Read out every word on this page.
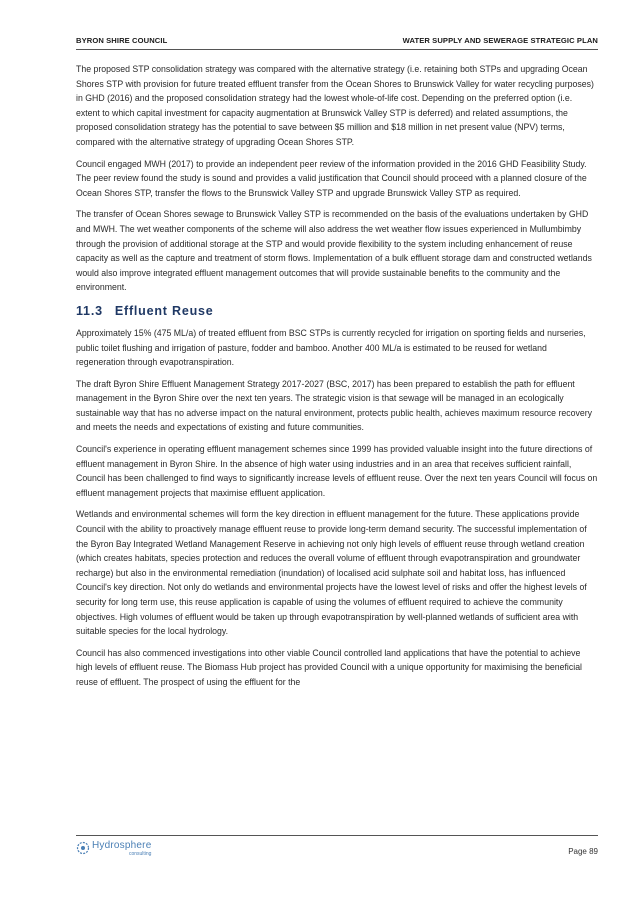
BYRON SHIRE COUNCIL	WATER SUPPLY AND SEWERAGE STRATEGIC PLAN

The proposed STP consolidation strategy was compared with the alternative strategy (i.e. retaining both STPs and upgrading Ocean Shores STP with provision for future treated effluent transfer from the Ocean Shores to Brunswick Valley for water recycling purposes) in GHD (2016) and the proposed consolidation strategy had the lowest whole-of-life cost. Depending on the preferred option (i.e. extent to which capital investment for capacity augmentation at Brunswick Valley STP is deferred) and related assumptions, the proposed consolidation strategy has the potential to save between $5 million and $18 million in net present value (NPV) terms, compared with the alternative strategy of upgrading Ocean Shores STP.

Council engaged MWH (2017) to provide an independent peer review of the information provided in the 2016 GHD Feasibility Study. The peer review found the study is sound and provides a valid justification that Council should proceed with a planned closure of the Ocean Shores STP, transfer the flows to the Brunswick Valley STP and upgrade Brunswick Valley STP as required.

The transfer of Ocean Shores sewage to Brunswick Valley STP is recommended on the basis of the evaluations undertaken by GHD and MWH. The wet weather components of the scheme will also address the wet weather flow issues experienced in Mullumbimby through the provision of additional storage at the STP and would provide flexibility to the system including enhancement of reuse capacity as well as the capture and treatment of storm flows. Implementation of a bulk effluent storage dam and constructed wetlands would also improve integrated effluent management outcomes that will provide sustainable benefits to the community and the environment.

11.3 Effluent Reuse

Approximately 15% (475 ML/a) of treated effluent from BSC STPs is currently recycled for irrigation on sporting fields and nurseries, public toilet flushing and irrigation of pasture, fodder and bamboo. Another 400 ML/a is estimated to be reused for wetland regeneration through evapotranspiration.

The draft Byron Shire Effluent Management Strategy 2017-2027 (BSC, 2017) has been prepared to establish the path for effluent management in the Byron Shire over the next ten years. The strategic vision is that sewage will be managed in an ecologically sustainable way that has no adverse impact on the natural environment, protects public health, achieves maximum resource recovery and meets the needs and expectations of existing and future communities.

Council's experience in operating effluent management schemes since 1999 has provided valuable insight into the future directions of effluent management in Byron Shire. In the absence of high water using industries and in an area that receives sufficient rainfall, Council has been challenged to find ways to significantly increase levels of effluent reuse. Over the next ten years Council will focus on effluent management projects that maximise effluent application.

Wetlands and environmental schemes will form the key direction in effluent management for the future. These applications provide Council with the ability to proactively manage effluent reuse to provide long-term demand security. The successful implementation of the Byron Bay Integrated Wetland Management Reserve in achieving not only high levels of effluent reuse through wetland creation (which creates habitats, species protection and reduces the overall volume of effluent through evapotranspiration and groundwater recharge) but also in the environmental remediation (inundation) of localised acid sulphate soil and habitat loss, has influenced Council's key direction. Not only do wetlands and environmental projects have the lowest level of risks and offer the highest levels of security for long term use, this reuse application is capable of using the volumes of effluent required to achieve the community objectives. High volumes of effluent would be taken up through evapotranspiration by well-planned wetlands of sufficient area with suitable species for the local hydrology.

Council has also commenced investigations into other viable Council controlled land applications that have the potential to achieve high levels of effluent reuse. The Biomass Hub project has provided Council with a unique opportunity for maximising the beneficial reuse of effluent. The prospect of using the effluent for the

Hydrosphere
consulting	Page 89
